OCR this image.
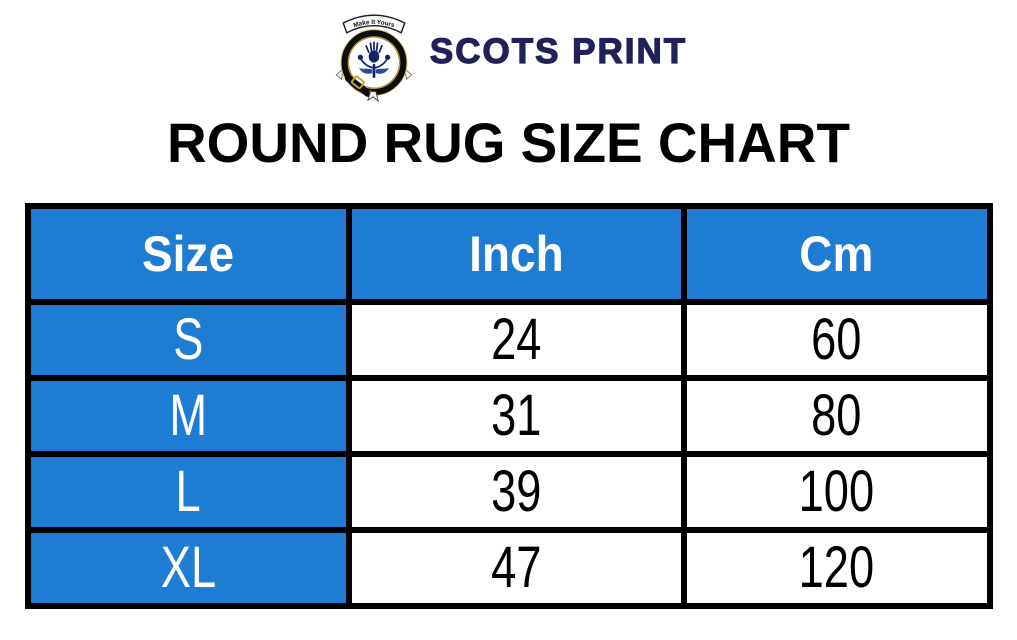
Make It Yours
SCOTS PRINT
ROUND RUG SIZE CHART
Size	Inch	Cm
S	24	60
M	31	80
L	39	100
XL	47	120
